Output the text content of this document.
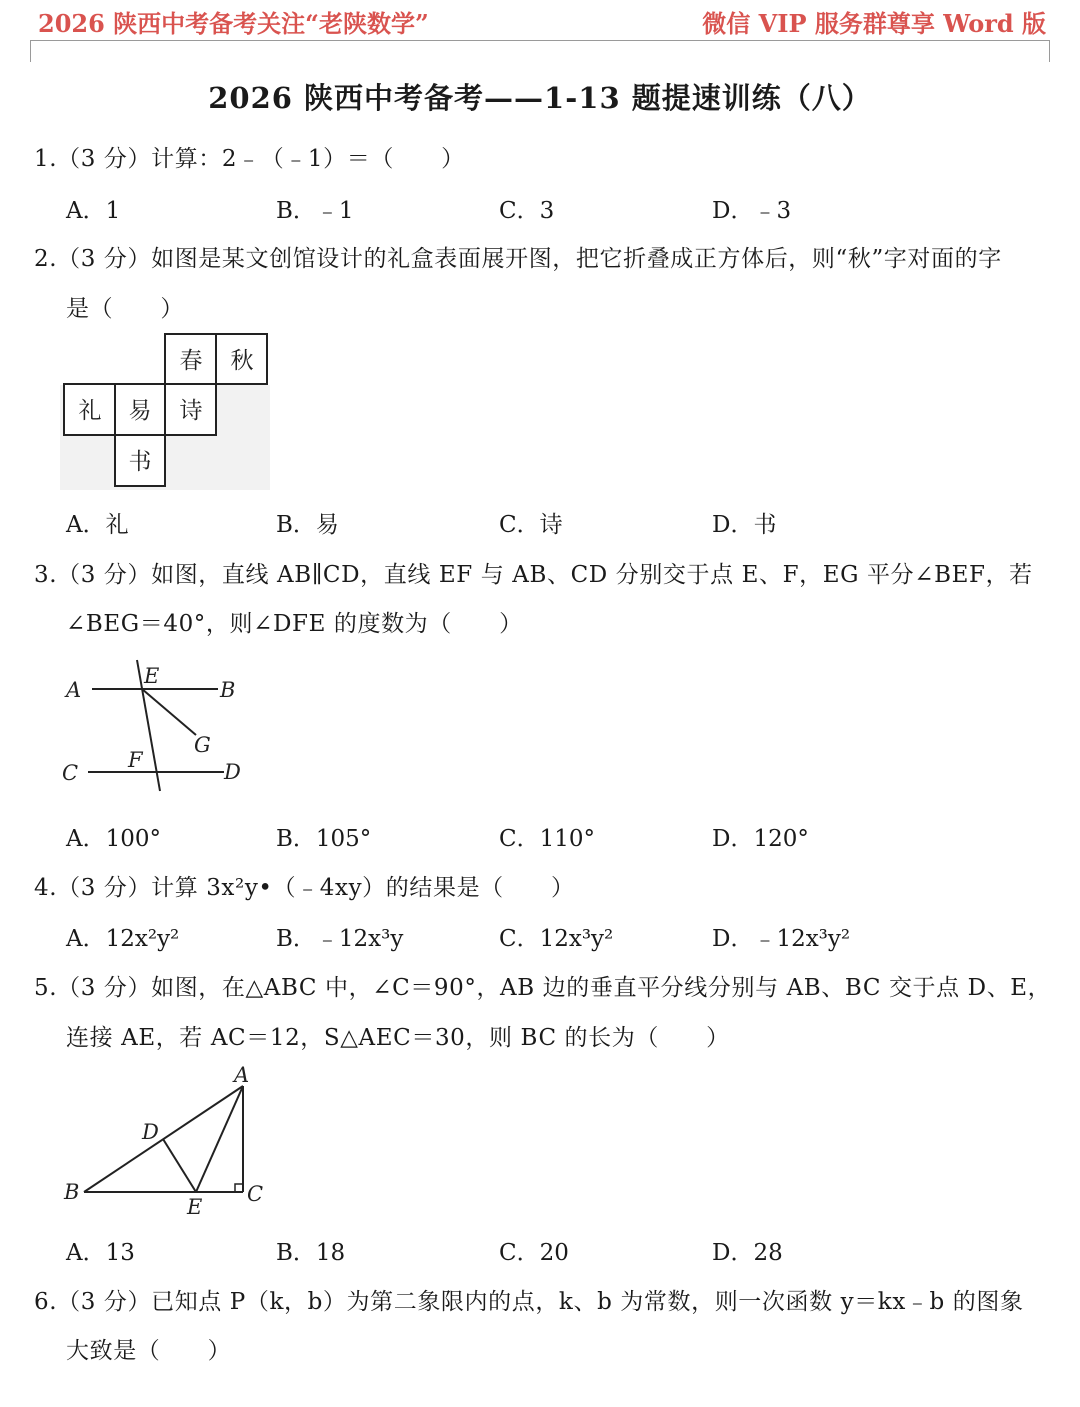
2026 陕西中考备考关注“老陕数学”	微信 VIP 服务群尊享 Word 版
2026 陕西中考备考——1-13 题提速训练（八）
1.（3 分）计算：2﹣（﹣1）＝（　　）
A．1	B．﹣1	C．3	D．﹣3
2.（3 分）如图是某文创馆设计的礼盒表面展开图，把它折叠成正方体后，则“秋”字对面的字
是（　　）
春 秋
礼 易 诗
书
A．礼	B．易	C．诗	D．书
3.（3 分）如图，直线 AB∥CD，直线 EF 与 AB、CD 分别交于点 E、F，EG 平分∠BEF，若
∠BEG＝40°，则∠DFE 的度数为（　　）
A
E
B
G
C
F	D
A．100°	B．105°	C．110°	D．120°
4.（3 分）计算 3x²y•（﹣4xy）的结果是（　　）
A．12x²y²	B．﹣12x³y	C．12x³y²	D．﹣12x³y²
5.（3 分）如图，在△ABC 中，∠C＝90°，AB 边的垂直平分线分别与 AB、BC 交于点 D、E，
连接 AE，若 AC＝12，S△AEC＝30，则 BC 的长为（　　）
A
D
B
E
C
A．13	B．18	C．20	D．28
6.（3 分）已知点 P（k，b）为第二象限内的点，k、b 为常数，则一次函数 y＝kx﹣b 的图象
大致是（　　）
